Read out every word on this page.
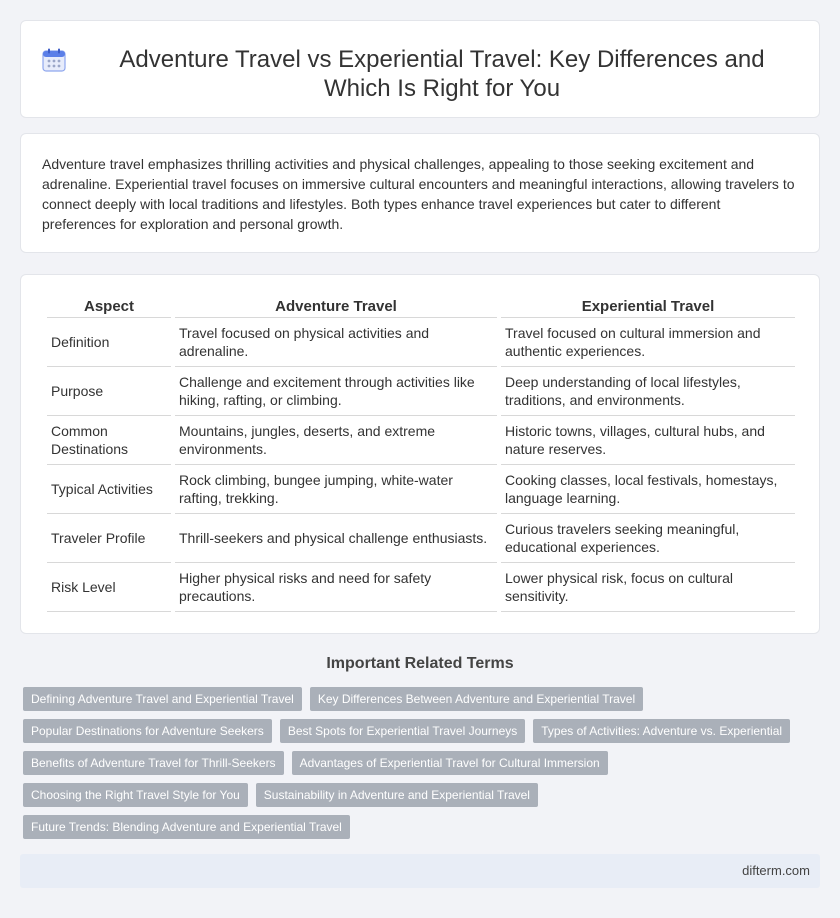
Adventure Travel vs Experiential Travel: Key Differences and Which Is Right for You

Adventure travel emphasizes thrilling activities and physical challenges, appealing to those seeking excitement and adrenaline. Experiential travel focuses on immersive cultural encounters and meaningful interactions, allowing travelers to connect deeply with local traditions and lifestyles. Both types enhance travel experiences but cater to different preferences for exploration and personal growth.

Aspect	Adventure Travel	Experiential Travel
Definition	Travel focused on physical activities and adrenaline.	Travel focused on cultural immersion and authentic experiences.
Purpose	Challenge and excitement through activities like hiking, rafting, or climbing.	Deep understanding of local lifestyles, traditions, and environments.
Common Destinations	Mountains, jungles, deserts, and extreme environments.	Historic towns, villages, cultural hubs, and nature reserves.
Typical Activities	Rock climbing, bungee jumping, white-water rafting, trekking.	Cooking classes, local festivals, homestays, language learning.
Traveler Profile	Thrill-seekers and physical challenge enthusiasts.	Curious travelers seeking meaningful, educational experiences.
Risk Level	Higher physical risks and need for safety precautions.	Lower physical risk, focus on cultural sensitivity.
Important Related Terms
Defining Adventure Travel and Experiential Travel	Key Differences Between Adventure and Experiential Travel
Popular Destinations for Adventure Seekers	Best Spots for Experiential Travel Journeys	Types of Activities: Adventure vs. Experiential
Benefits of Adventure Travel for Thrill-Seekers	Advantages of Experiential Travel for Cultural Immersion
Choosing the Right Travel Style for You	Sustainability in Adventure and Experiential Travel
Future Trends: Blending Adventure and Experiential Travel
difterm.com
